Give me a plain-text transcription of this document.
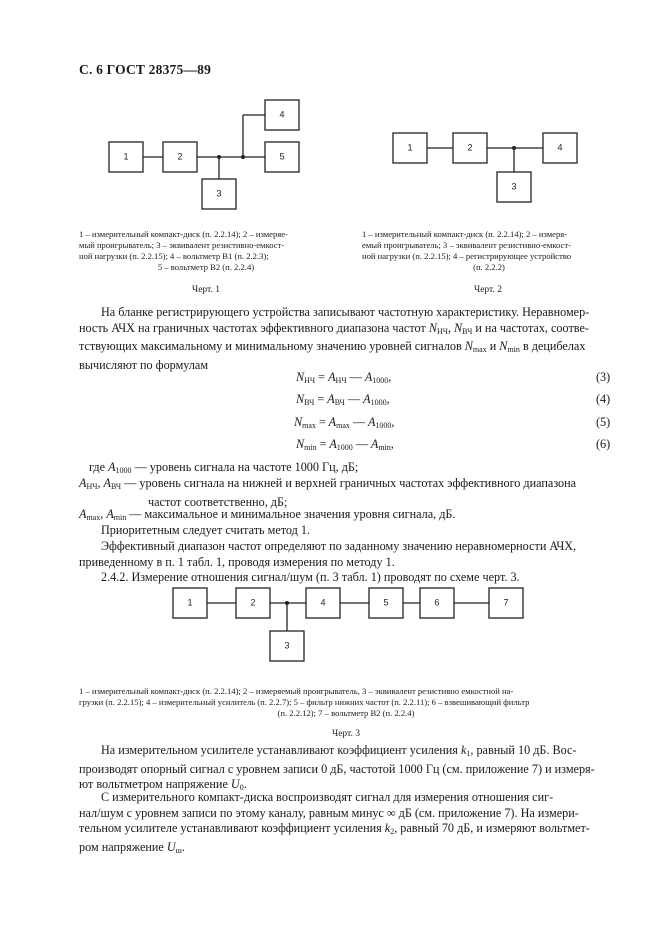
С. 6 ГОСТ 28375—89
1	2
3
4
5
1	2
3
4
1 – измерительный компакт-диск (п. 2.2.14); 2 – измеряе-
мый проигрыватель; 3 – эквивалент резистивно-емкост-
ной нагрузки (п. 2.2.15); 4 – вольтметр В1 (п. 2.2.3);
5 – вольтметр В2 (п. 2.2.4)
Черт. 1
1 – измерительный компакт-диск (п. 2.2.14); 2 – измеря-
емый проигрыватель; 3 – эквивалент резистивно-емкост-
ной нагрузки (п. 2.2.15); 4 – регистрирующее устройство
(п. 2.2.2)
Черт. 2
На бланке регистрирующего устройства записывают частотную характеристику. Неравномер-
ность АЧХ на граничных частотах эффективного диапазона частот $N_{НЧ}$, $N_{ВЧ}$ и на частотах, соотве-
тствующих максимальному и минимальному значению уровней сигналов $N_{max}$ и $N_{min}$ в децибелах
вычисляют по формулам
$N_{НЧ} = A_{НЧ}$ — $A_{1000}$,	(3)
$N_{ВЧ} = A_{ВЧ}$ — $A_{1000}$,	(4)
$N_{max} = A_{max}$ — $A_{1000}$,	(5)
$N_{min} = A_{1000}$ — $A_{min}$,	(6)
где $A_{1000}$ — уровень сигнала на частоте 1000 Гц, дБ;
$A_{НЧ}$, $A_{ВЧ}$ — уровень сигнала на нижней и верхней граничных частотах эффективного диапазона
частот соответственно, дБ;
$A_{max}$, $A_{min}$ — максимальное и минимальное значения уровня сигнала, дБ.
Приоритетным следует считать метод 1.
Эффективный диапазон частот определяют по заданному значению неравномерности АЧХ,
приведенному в п. 1 табл. 1, проводя измерения по методу 1.
2.4.2. Измерение отношения сигнал/шум (п. 3 табл. 1) проводят по схеме черт. 3.
1	2
3
4	5	6	7
1 – измерительный компакт-диск (п. 2.2.14); 2 – измеряемый проигрыватель, 3 – эквивалент резистивно емкостной на-
грузки (п. 2.2.15); 4 – измерительный усилитель (п. 2.2.7); 5 – фильтр нижних частот (п. 2.2.11); 6 – взвешивающий фильтр
(п. 2.2.12); 7 – вольтметр В2 (п. 2.2.4)
Черт. 3
На измерительном усилителе устанавливают коэффициент усиления $k_1$, равный 10 дБ. Вос-
производят опорный сигнал с уровнем записи 0 дБ, частотой 1000 Гц (см. приложение 7) и измеря-
ют вольтметром напряжение $U_0$.
С измерительного компакт-диска воспроизводят сигнал для измерения отношения сиг-
нал/шум с уровнем записи по этому каналу, равным минус ∞ дБ (см. приложение 7). На измери-
тельном усилителе устанавливают коэффициент усиления $k_2$, равный 70 дБ, и измеряют вольтмет-
ром напряжение $U_ш$.
